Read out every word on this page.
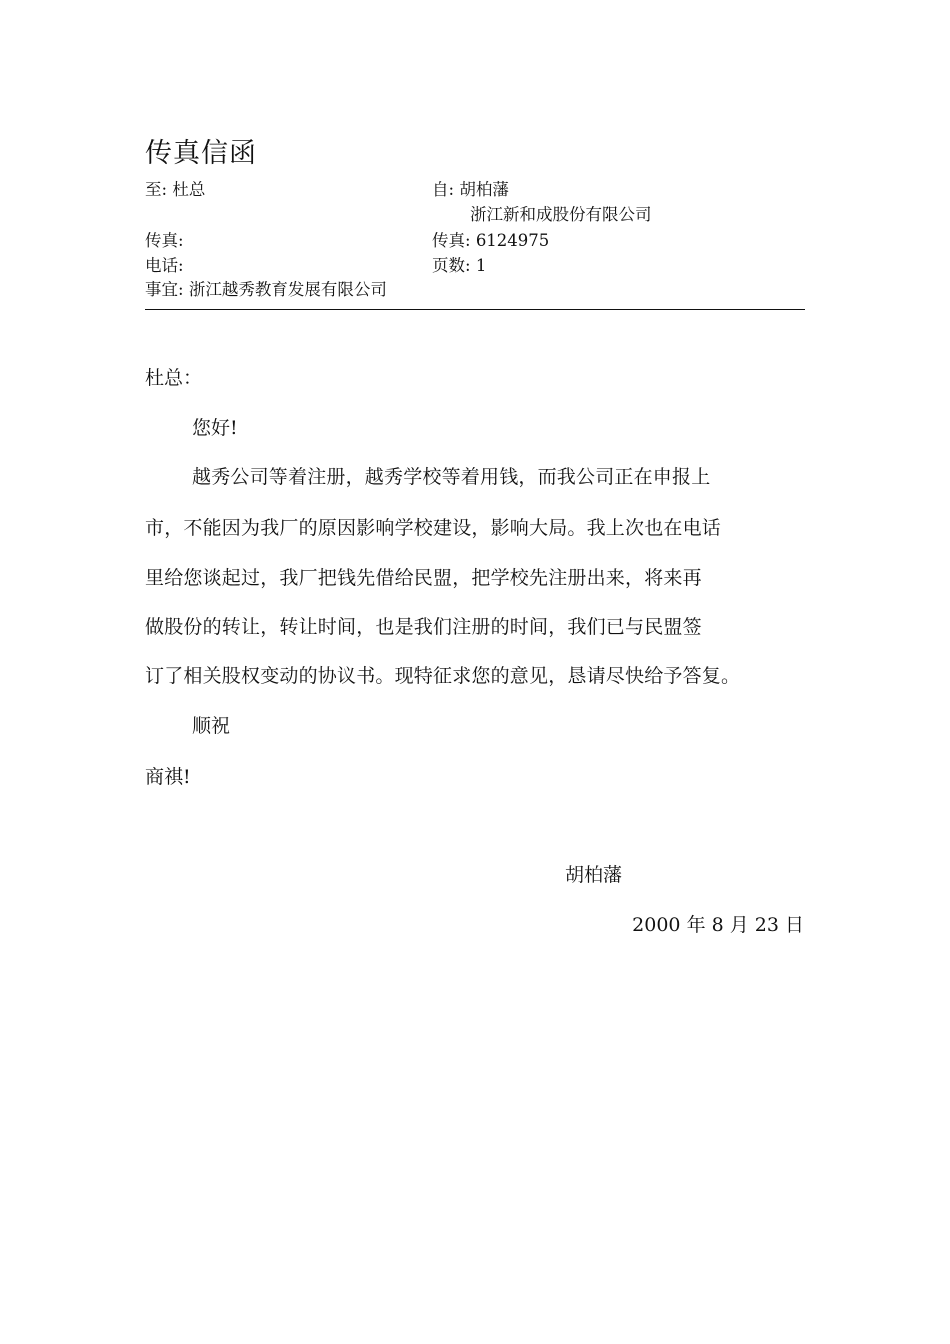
传真信函
至: 杜总	自: 胡柏藩
浙江新和成股份有限公司
传真:	传真: 6124975
电话:	页数: 1
事宜: 浙江越秀教育发展有限公司
杜总：
您好!
越秀公司等着注册，越秀学校等着用钱，而我公司正在申报上
市，不能因为我厂的原因影响学校建设，影响大局。我上次也在电话
里给您谈起过，我厂把钱先借给民盟，把学校先注册出来，将来再
做股份的转让，转让时间，也是我们注册的时间，我们已与民盟签
订了相关股权变动的协议书。现特征求您的意见，恳请尽快给予答复。
顺祝
商祺!
胡柏藩
2000 年 8 月 23 日
